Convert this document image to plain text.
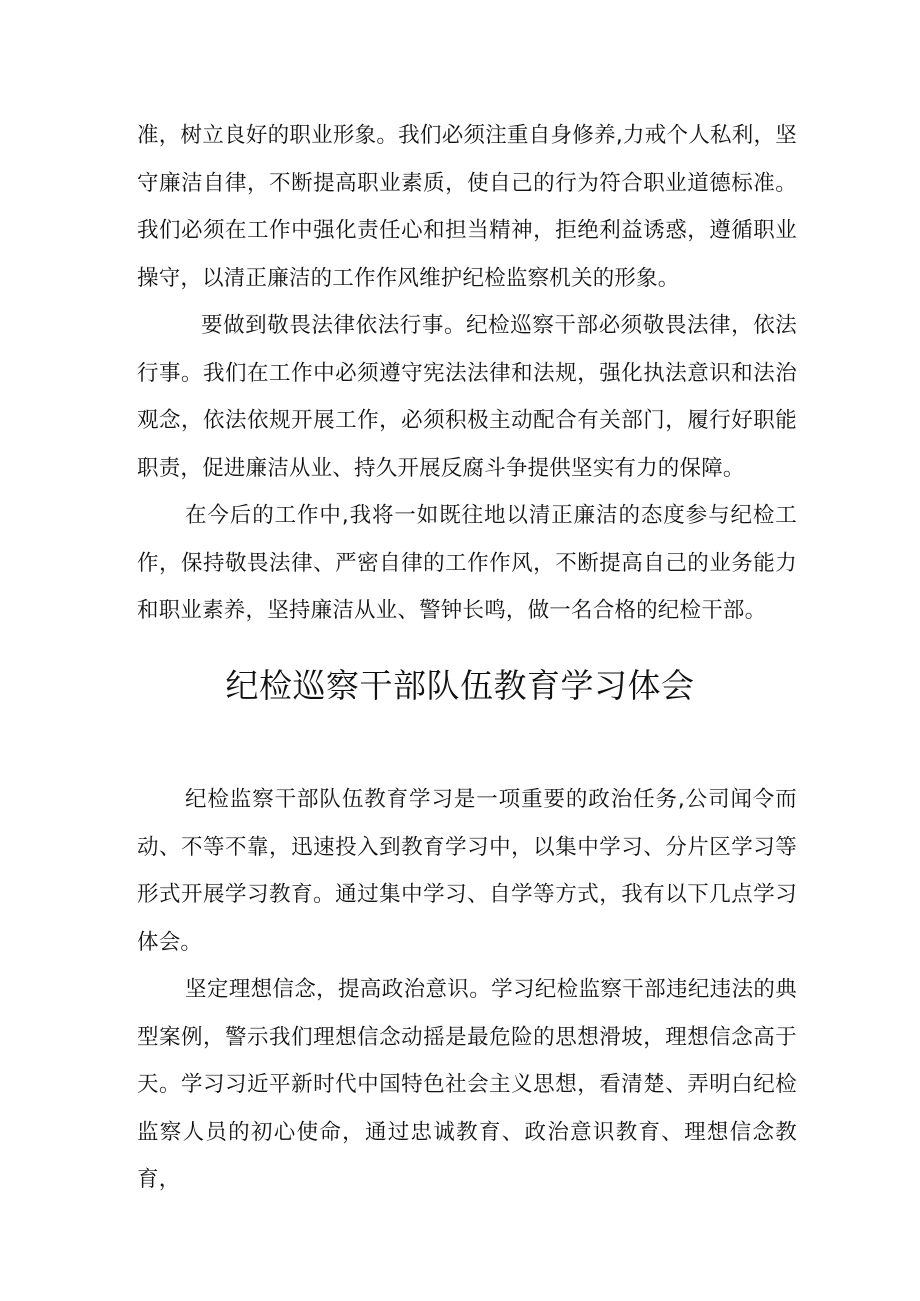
准，树立良好的职业形象。我们必须注重自身修养,力戒个人私利，坚守廉洁自律，不断提高职业素质，使自己的行为符合职业道德标准。我们必须在工作中强化责任心和担当精神，拒绝利益诱惑，遵循职业操守，以清正廉洁的工作作风维护纪检监察机关的形象。

要做到敬畏法律依法行事。纪检巡察干部必须敬畏法律，依法行事。我们在工作中必须遵守宪法法律和法规，强化执法意识和法治观念，依法依规开展工作，必须积极主动配合有关部门，履行好职能职责，促进廉洁从业、持久开展反腐斗争提供坚实有力的保障。

在今后的工作中,我将一如既往地以清正廉洁的态度参与纪检工作，保持敬畏法律、严密自律的工作作风，不断提高自己的业务能力和职业素养，坚持廉洁从业、警钟长鸣，做一名合格的纪检干部。

纪检巡察干部队伍教育学习体会

纪检监察干部队伍教育学习是一项重要的政治任务,公司闻令而动、不等不靠，迅速投入到教育学习中，以集中学习、分片区学习等形式开展学习教育。通过集中学习、自学等方式，我有以下几点学习体会。

坚定理想信念，提高政治意识。学习纪检监察干部违纪违法的典型案例，警示我们理想信念动摇是最危险的思想滑坡，理想信念高于天。学习习近平新时代中国特色社会主义思想，看清楚、弄明白纪检监察人员的初心使命，通过忠诚教育、政治意识教育、理想信念教育，
